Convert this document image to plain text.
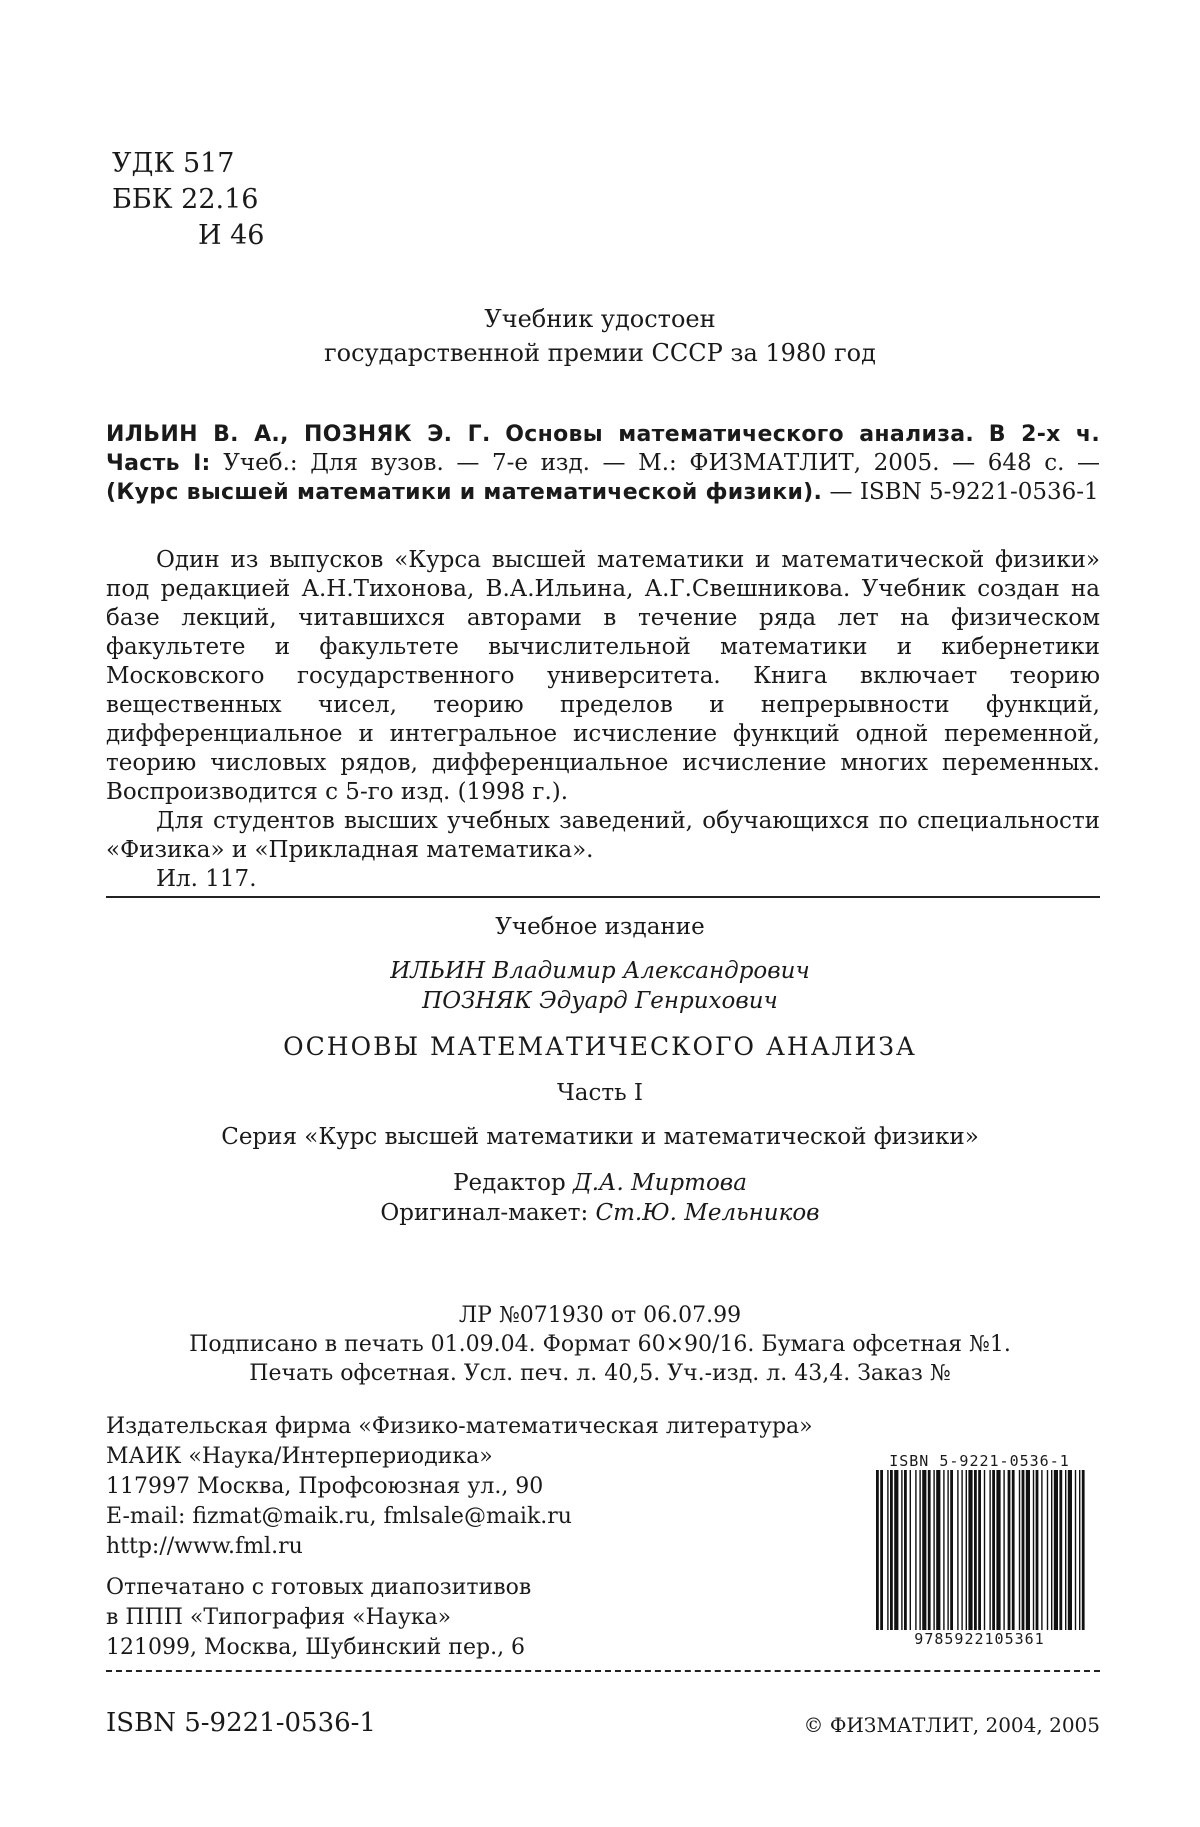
УДК 517
ББК 22.16
И 46
Учебник удостоен
государственной премии СССР за 1980 год
ИЛЬИН В. А., ПОЗНЯК Э. Г. Основы математического анализа. В 2-х ч. Часть I: Учеб.: Для вузов. — 7-е изд. — М.: ФИЗМАТЛИТ, 2005. — 648 с. — (Курс высшей математики и математической физики). — ISBN 5-9221-0536-1

Один из выпусков «Курса высшей математики и математической физики» под редакцией А.Н.Тихонова, В.А.Ильина, А.Г.Свешникова. Учебник создан на базе лекций, читавшихся авторами в течение ряда лет на физическом факультете и факультете вычислительной математики и кибернетики Московского государственного университета. Книга включает теорию вещественных чисел, теорию пределов и непрерывности функций, дифференциальное и интегральное исчисление функций одной переменной, теорию числовых рядов, дифференциальное исчисление многих переменных. Воспроизводится с 5-го изд. (1998 г.).

Для студентов высших учебных заведений, обучающихся по специальности «Физика» и «Прикладная математика».

Ил. 117.

Учебное издание
ИЛЬИН Владимир Александрович
ПОЗНЯК Эдуард Генрихович
ОСНОВЫ МАТЕМАТИЧЕСКОГО АНАЛИЗА
Часть I
Серия «Курс высшей математики и математической физики»
Редактор Д.А. Миртова
Оригинал-макет: Ст.Ю. Мельников
ЛР №071930 от 06.07.99
Подписано в печать 01.09.04. Формат 60×90/16. Бумага офсетная №1.
Печать офсетная. Усл. печ. л. 40,5. Уч.-изд. л. 43,4. Заказ №
Издательская фирма «Физико-математическая литература»
МАИК «Наука/Интерпериодика»
117997 Москва, Профсоюзная ул., 90
E-mail: fizmat@maik.ru, fmlsale@maik.ru
http://www.fml.ru
Отпечатано с готовых диапозитивов
в ППП «Типография «Наука»
121099, Москва, Шубинский пер., 6
ISBN 5-9221-0536-1
9785922105361
ISBN 5-9221-0536-1	© ФИЗМАТЛИТ, 2004, 2005
